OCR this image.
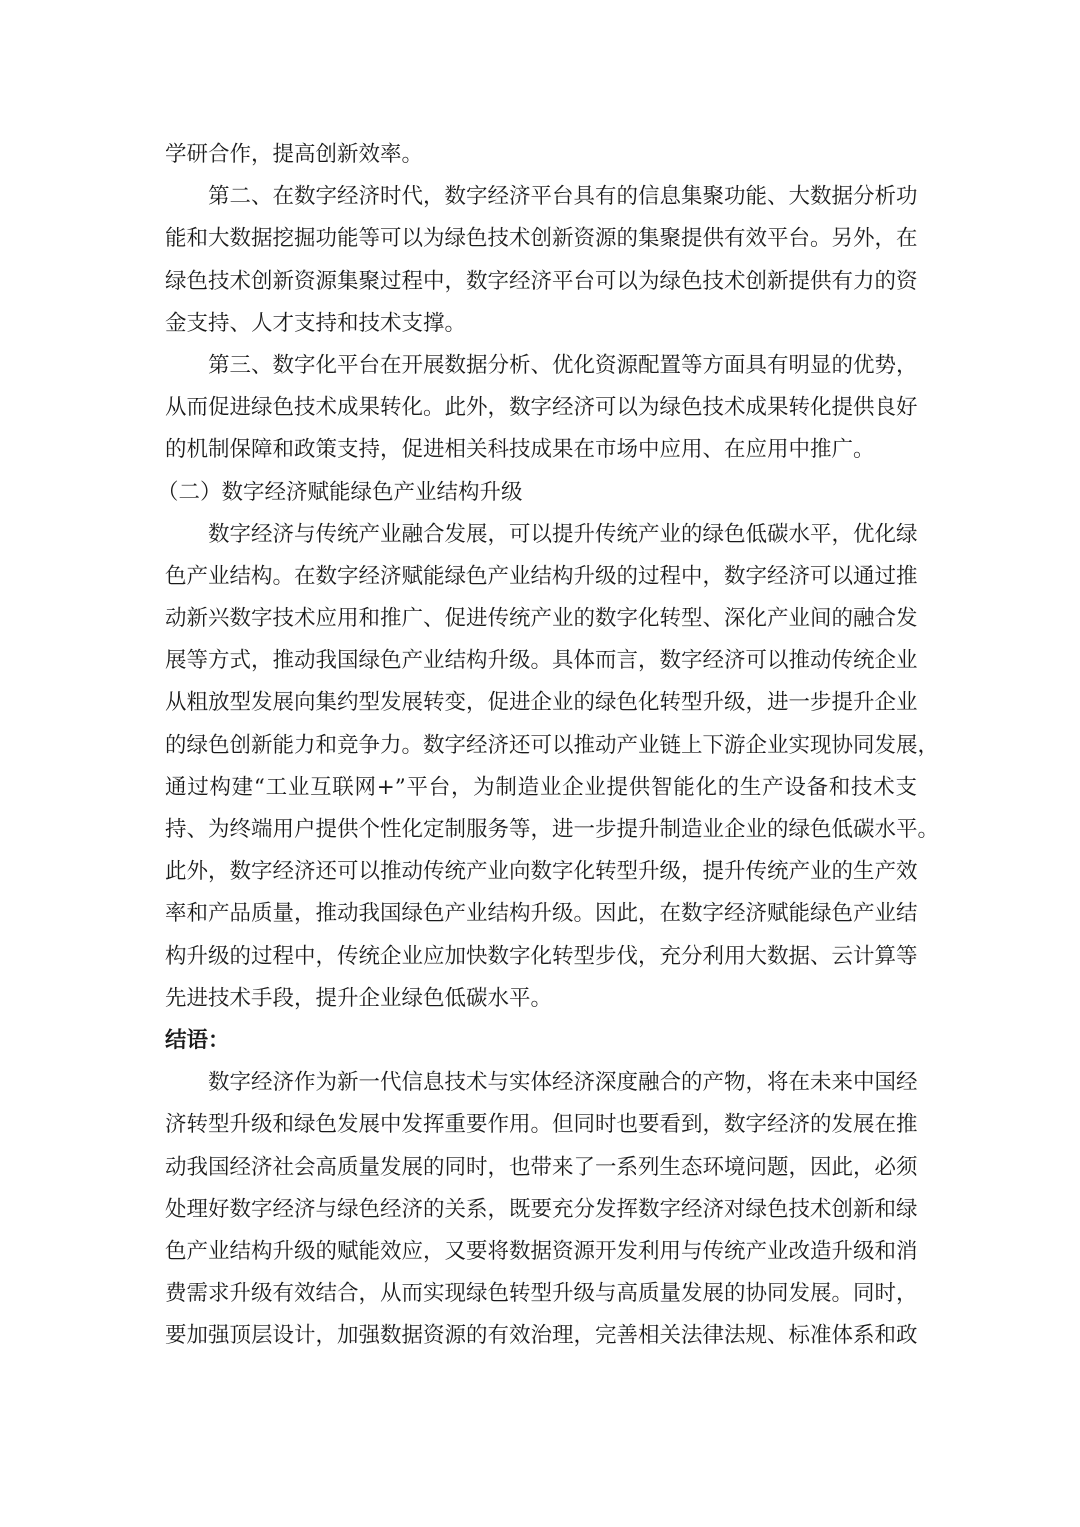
学研合作，提高创新效率。
第二、在数字经济时代，数字经济平台具有的信息集聚功能、大数据分析功
能和大数据挖掘功能等可以为绿色技术创新资源的集聚提供有效平台。另外，在
绿色技术创新资源集聚过程中，数字经济平台可以为绿色技术创新提供有力的资
金支持、人才支持和技术支撑。
第三、数字化平台在开展数据分析、优化资源配置等方面具有明显的优势，
从而促进绿色技术成果转化。此外，数字经济可以为绿色技术成果转化提供良好
的机制保障和政策支持，促进相关科技成果在市场中应用、在应用中推广。
（二）数字经济赋能绿色产业结构升级
数字经济与传统产业融合发展，可以提升传统产业的绿色低碳水平，优化绿
色产业结构。在数字经济赋能绿色产业结构升级的过程中，数字经济可以通过推
动新兴数字技术应用和推广、促进传统产业的数字化转型、深化产业间的融合发
展等方式，推动我国绿色产业结构升级。具体而言，数字经济可以推动传统企业
从粗放型发展向集约型发展转变，促进企业的绿色化转型升级，进一步提升企业
的绿色创新能力和竞争力。数字经济还可以推动产业链上下游企业实现协同发展，
通过构建“工业互联网+”平台，为制造业企业提供智能化的生产设备和技术支
持、为终端用户提供个性化定制服务等，进一步提升制造业企业的绿色低碳水平。
此外，数字经济还可以推动传统产业向数字化转型升级，提升传统产业的生产效
率和产品质量，推动我国绿色产业结构升级。因此，在数字经济赋能绿色产业结
构升级的过程中，传统企业应加快数字化转型步伐，充分利用大数据、云计算等
先进技术手段，提升企业绿色低碳水平。
结语：
数字经济作为新一代信息技术与实体经济深度融合的产物，将在未来中国经
济转型升级和绿色发展中发挥重要作用。但同时也要看到，数字经济的发展在推
动我国经济社会高质量发展的同时，也带来了一系列生态环境问题，因此，必须
处理好数字经济与绿色经济的关系，既要充分发挥数字经济对绿色技术创新和绿
色产业结构升级的赋能效应，又要将数据资源开发利用与传统产业改造升级和消
费需求升级有效结合，从而实现绿色转型升级与高质量发展的协同发展。同时，
要加强顶层设计，加强数据资源的有效治理，完善相关法律法规、标准体系和政
